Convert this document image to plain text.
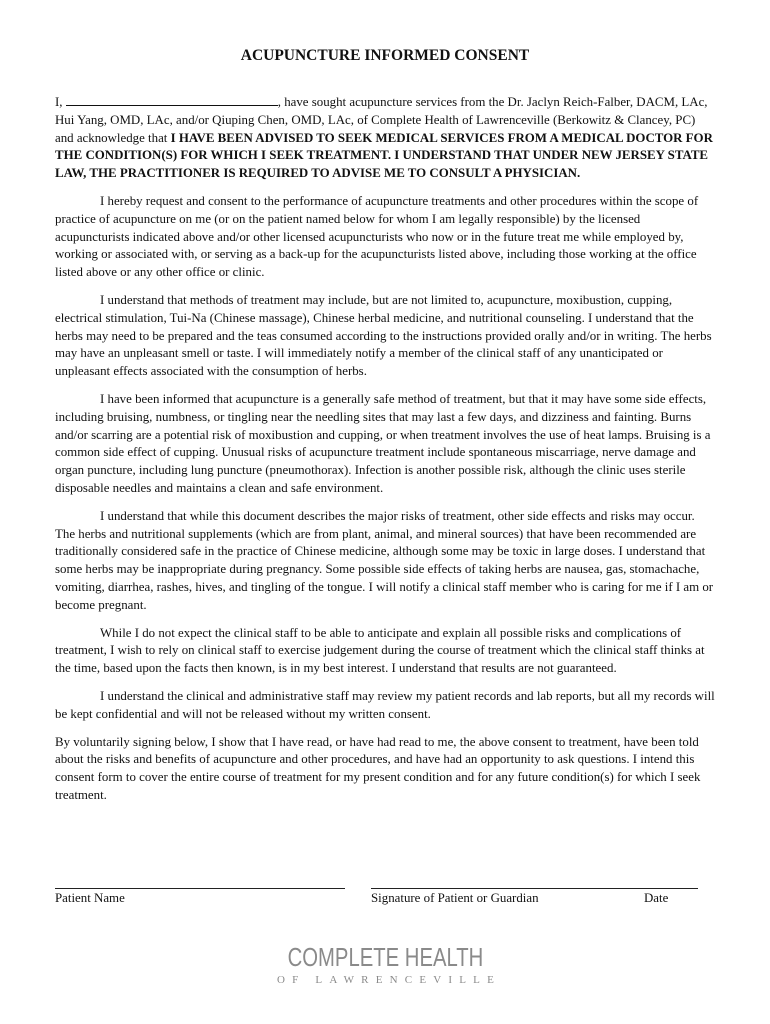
ACUPUNCTURE INFORMED CONSENT

I,	, have sought acupuncture services from the Dr. Jaclyn Reich-Falber, DACM, LAc, Hui Yang, OMD, LAc, and/or Qiuping Chen, OMD, LAc, of Complete Health of Lawrenceville (Berkowitz & Clancey, PC) and acknowledge that I HAVE BEEN ADVISED TO SEEK MEDICAL SERVICES FROM A MEDICAL DOCTOR FOR THE CONDITION(S) FOR WHICH I SEEK TREATMENT. I UNDERSTAND THAT UNDER NEW JERSEY STATE LAW, THE PRACTITIONER IS REQUIRED TO ADVISE ME TO CONSULT A PHYSICIAN.

I hereby request and consent to the performance of acupuncture treatments and other procedures within the scope of practice of acupuncture on me (or on the patient named below for whom I am legally responsible) by the licensed acupuncturists indicated above and/or other licensed acupuncturists who now or in the future treat me while employed by, working or associated with, or serving as a back-up for the acupuncturists listed above, including those working at the office listed above or any other office or clinic.

I understand that methods of treatment may include, but are not limited to, acupuncture, moxibustion, cupping, electrical stimulation, Tui-Na (Chinese massage), Chinese herbal medicine, and nutritional counseling. I understand that the herbs may need to be prepared and the teas consumed according to the instructions provided orally and/or in writing. The herbs may have an unpleasant smell or taste. I will immediately notify a member of the clinical staff of any unanticipated or unpleasant effects associated with the consumption of herbs.

I have been informed that acupuncture is a generally safe method of treatment, but that it may have some side effects, including bruising, numbness, or tingling near the needling sites that may last a few days, and dizziness and fainting. Burns and/or scarring are a potential risk of moxibustion and cupping, or when treatment involves the use of heat lamps. Bruising is a common side effect of cupping. Unusual risks of acupuncture treatment include spontaneous miscarriage, nerve damage and organ puncture, including lung puncture (pneumothorax). Infection is another possible risk, although the clinic uses sterile disposable needles and maintains a clean and safe environment.

I understand that while this document describes the major risks of treatment, other side effects and risks may occur. The herbs and nutritional supplements (which are from plant, animal, and mineral sources) that have been recommended are traditionally considered safe in the practice of Chinese medicine, although some may be toxic in large doses. I understand that some herbs may be inappropriate during pregnancy. Some possible side effects of taking herbs are nausea, gas, stomachache, vomiting, diarrhea, rashes, hives, and tingling of the tongue. I will notify a clinical staff member who is caring for me if I am or become pregnant.

While I do not expect the clinical staff to be able to anticipate and explain all possible risks and complications of treatment, I wish to rely on clinical staff to exercise judgement during the course of treatment which the clinical staff thinks at the time, based upon the facts then known, is in my best interest. I understand that results are not guaranteed.

I understand the clinical and administrative staff may review my patient records and lab reports, but all my records will be kept confidential and will not be released without my written consent.

By voluntarily signing below, I show that I have read, or have had read to me, the above consent to treatment, have been told about the risks and benefits of acupuncture and other procedures, and have had an opportunity to ask questions. I intend this consent form to cover the entire course of treatment for my present condition and for any future condition(s) for which I seek treatment.

Patient Name	Signature of Patient or Guardian	Date
COMPLETE HEALTH
OF LAWRENCEVILLE
